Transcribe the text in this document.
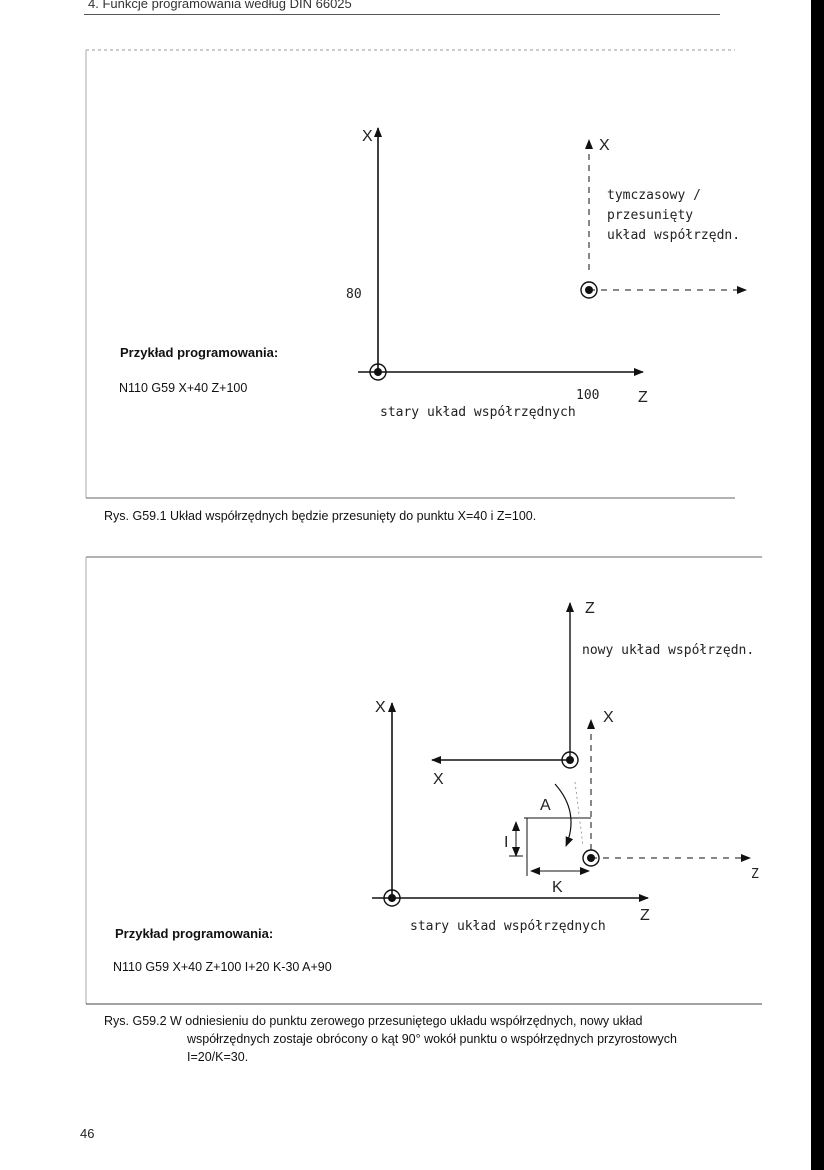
4. Funkcje programowania według DIN 66025
X
X
tymczasowy /
przesunięty
układ współrzędn.
80
100 Z
stary układ współrzędnych
Z
nowy układ współrzędn.
X
X
X
A
I
K
Z
Z
stary układ współrzędnych
Przykład programowania:
N110 G59 X+40 Z+100
Rys. G59.1 Układ współrzędnych będzie przesunięty do punktu X=40 i Z=100.
Przykład programowania:
N110 G59 X+40 Z+100 I+20 K-30 A+90
Rys. G59.2 W odniesieniu do punktu zerowego przesuniętego układu współrzędnych, nowy układ
współrzędnych zostaje obrócony o kąt 90° wokół punktu o współrzędnych przyrostowych
I=20/K=30.
46
